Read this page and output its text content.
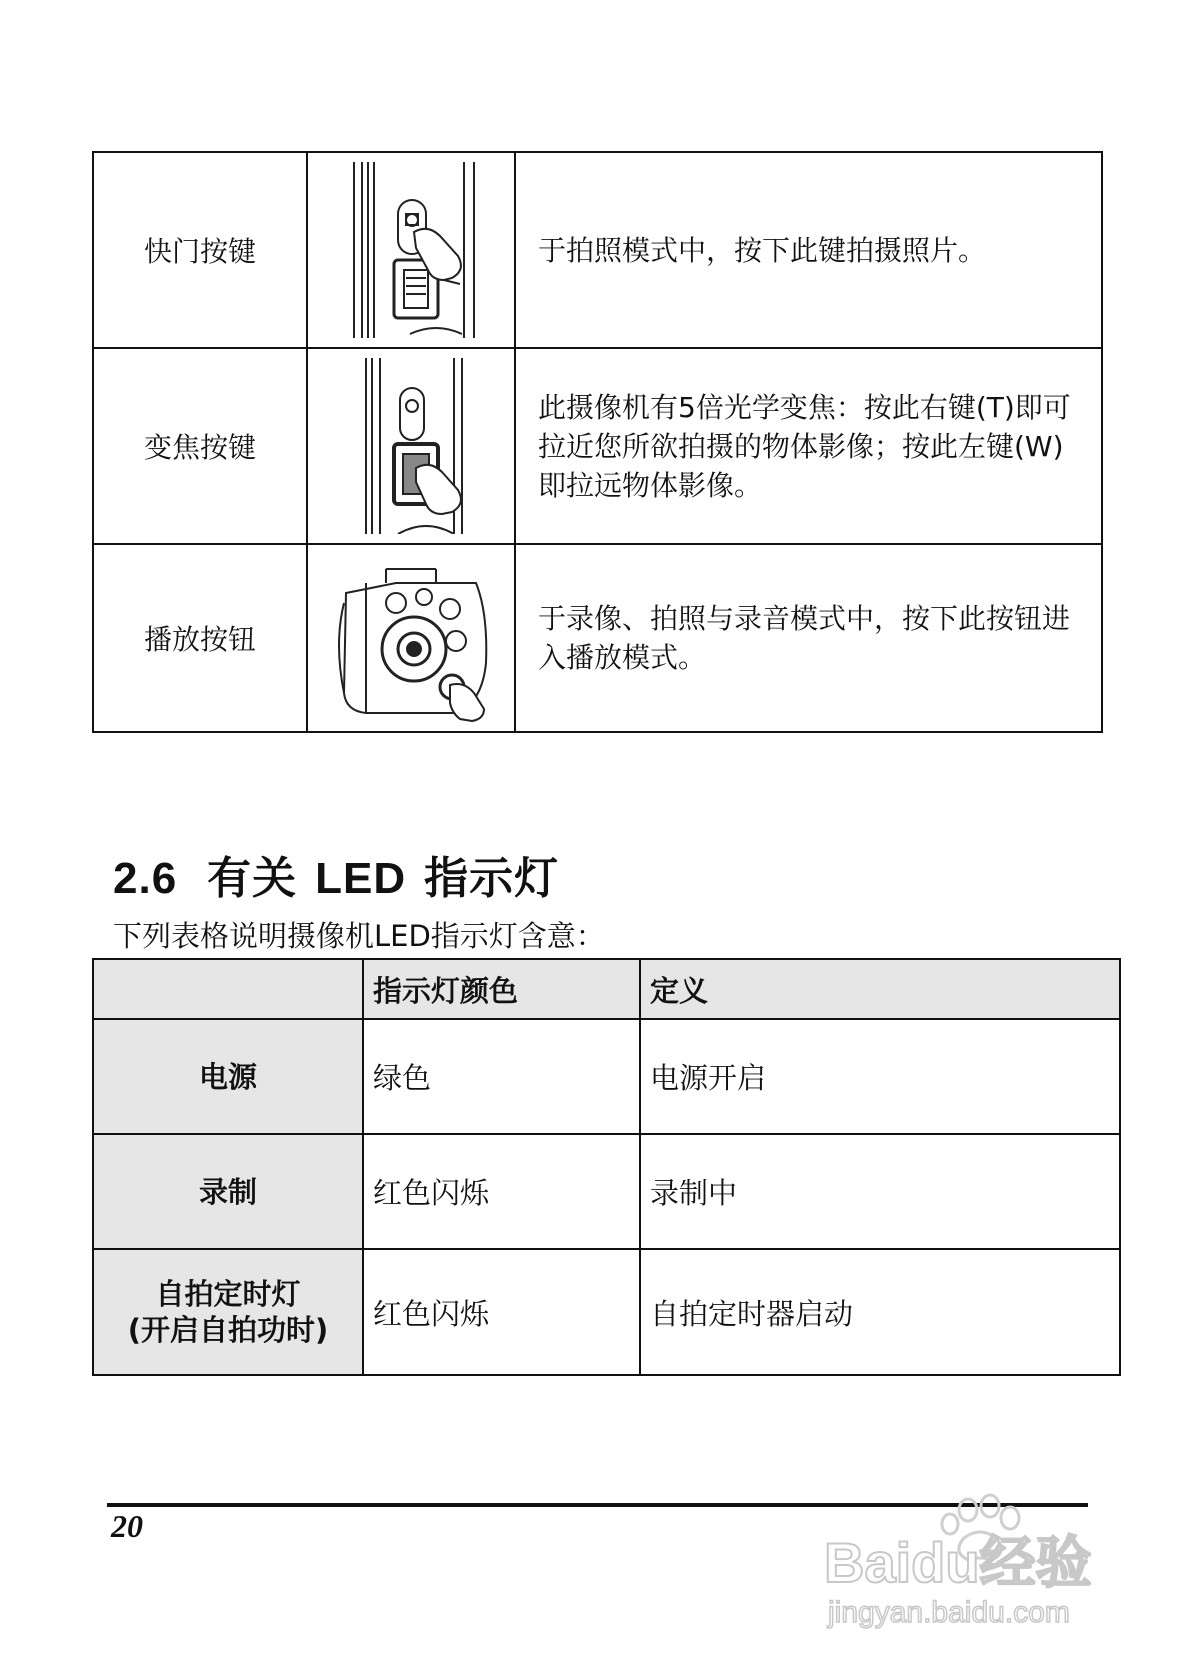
快门按键		于拍照模式中，按下此键拍摄照片。
变焦按键		此摄像机有5倍光学变焦：按此右键(T)即可拉近您所欲拍摄的物体影像；按此左键(W)即拉远物体影像。
播放按钮		于录像、拍照与录音模式中，按下此按钮进入播放模式。
2.6 有关 LED 指示灯

下列表格说明摄像机LED指示灯含意：

	指示灯颜色	定义
电源	绿色	电源开启
录制	红色闪烁	录制中
自拍定时灯
(开启自拍功时)	红色闪烁	自拍定时器启动

20

Baidu经验
jingyan.baidu.com
